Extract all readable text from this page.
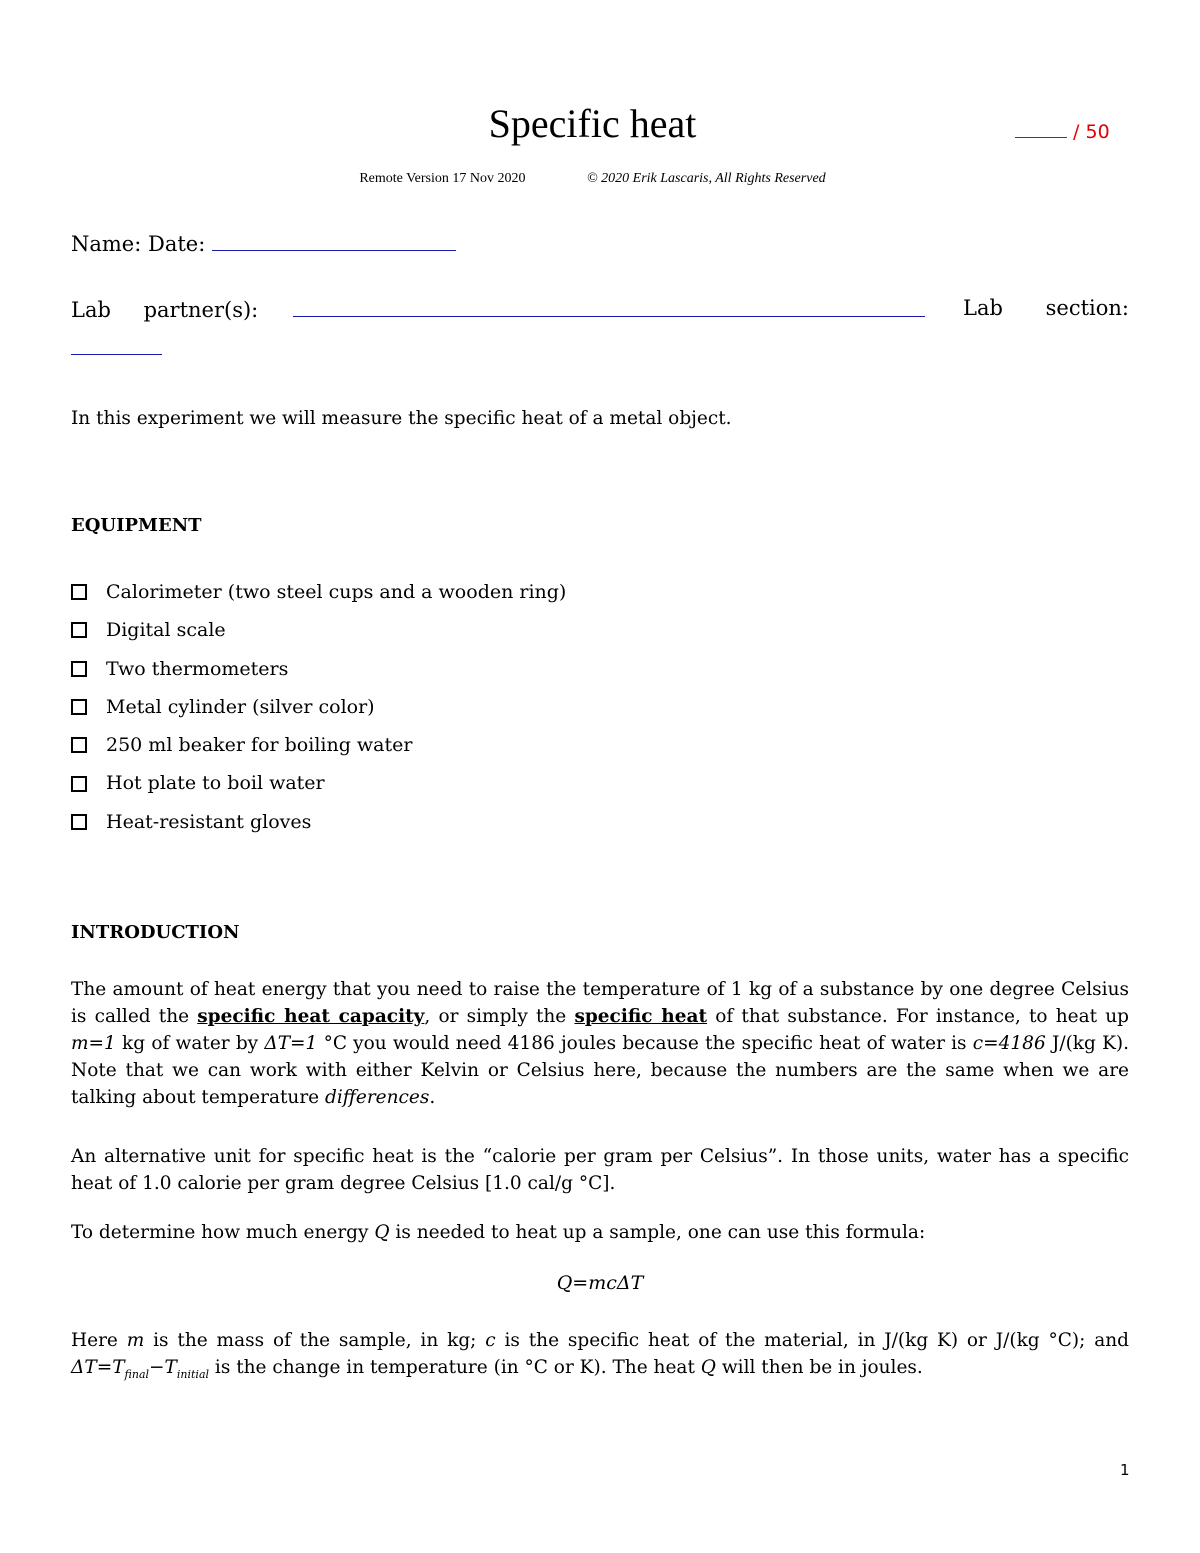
Specific heat	/ 50
Remote Version 17 Nov 2020	© 2020 Erik Lascaris, All Rights Reserved
Name: Date:
Lab partner(s):	Lab section:
In this experiment we will measure the specific heat of a metal object.
EQUIPMENT
Calorimeter (two steel cups and a wooden ring)
Digital scale
Two thermometers
Metal cylinder (silver color)
250 ml beaker for boiling water
Hot plate to boil water
Heat-resistant gloves
INTRODUCTION
The amount of heat energy that you need to raise the temperature of 1 kg of a substance by one degree Celsius is called the specific heat capacity, or simply the specific heat of that substance. For instance, to heat up m=1 kg of water by ΔT=1 °C you would need 4186 joules because the specific heat of water is c=4186 J/(kg K). Note that we can work with either Kelvin or Celsius here, because the numbers are the same when we are talking about temperature differences.
An alternative unit for specific heat is the “calorie per gram per Celsius”. In those units, water has a specific heat of 1.0 calorie per gram degree Celsius [1.0 cal/g °C].
To determine how much energy Q is needed to heat up a sample, one can use this formula:
Q=mcΔT
Here m is the mass of the sample, in kg; c is the specific heat of the material, in J/(kg K) or J/(kg °C); and $\Delta T=T_{final}-T_{initial}$ is the change in temperature (in °C or K). The heat Q will then be in joules.
1
